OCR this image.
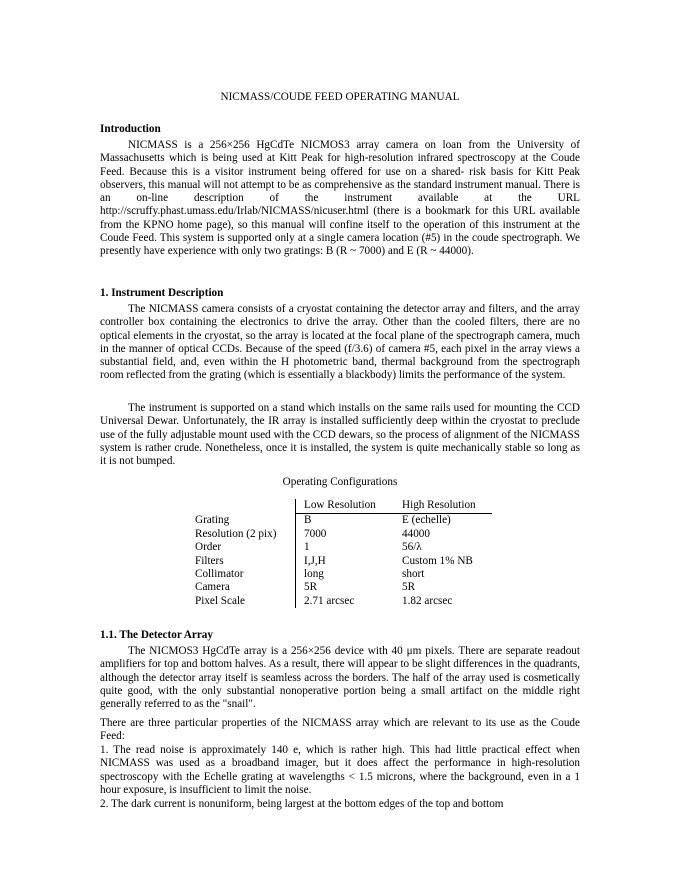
NICMASS/COUDE FEED OPERATING MANUAL
Introduction

NICMASS is a 256×256 HgCdTe NICMOS3 array camera on loan from the University of Massachusetts which is being used at Kitt Peak for high-resolution infrared spectroscopy at the Coude Feed. Because this is a visitor instrument being offered for use on a shared- risk basis for Kitt Peak observers, this manual will not attempt to be as comprehensive as the standard instrument manual. There is an on-line description of the instrument available at the URL http://scruffy.phast.umass.edu/Irlab/NICMASS/nicuser.html (there is a bookmark for this URL available from the KPNO home page), so this manual will confine itself to the operation of this instrument at the Coude Feed. This system is supported only at a single camera location (#5) in the coude spectrograph. We presently have experience with only two gratings: B (R ~ 7000) and E (R ~ 44000).

1. Instrument Description

The NICMASS camera consists of a cryostat containing the detector array and filters, and the array controller box containing the electronics to drive the array. Other than the cooled filters, there are no optical elements in the cryostat, so the array is located at the focal plane of the spectrograph camera, much in the manner of optical CCDs. Because of the speed (f/3.6) of camera #5, each pixel in the array views a substantial field, and, even within the H photometric band, thermal background from the spectrograph room reflected from the grating (which is essentially a blackbody) limits the performance of the system.

The instrument is supported on a stand which installs on the same rails used for mounting the CCD Universal Dewar. Unfortunately, the IR array is installed sufficiently deep within the cryostat to preclude use of the fully adjustable mount used with the CCD dewars, so the process of alignment of the NICMASS system is rather crude. Nonetheless, once it is installed, the system is quite mechanically stable so long as it is not bumped.

Operating Configurations
	Low Resolution	High Resolution
Grating	B	E (echelle)
Resolution (2 pix)	7000	44000
Order	1	56/λ
Filters	I,J,H	Custom 1% NB
Collimator	long	short
Camera	5R	5R
Pixel Scale	2.71 arcsec	1.82 arcsec
1.1. The Detector Array

The NICMOS3 HgCdTe array is a 256×256 device with 40 μm pixels. There are separate readout amplifiers for top and bottom halves. As a result, there will appear to be slight differences in the quadrants, although the detector array itself is seamless across the borders. The half of the array used is cosmetically quite good, with the only substantial nonoperative portion being a small artifact on the middle right generally referred to as the "snail".

There are three particular properties of the NICMASS array which are relevant to its use as the Coude Feed:

1. The read noise is approximately 140 e, which is rather high. This had little practical effect when NICMASS was used as a broadband imager, but it does affect the performance in high-resolution spectroscopy with the Echelle grating at wavelengths < 1.5 microns, where the background, even in a 1 hour exposure, is insufficient to limit the noise.

2. The dark current is nonuniform, being largest at the bottom edges of the top and bottom
